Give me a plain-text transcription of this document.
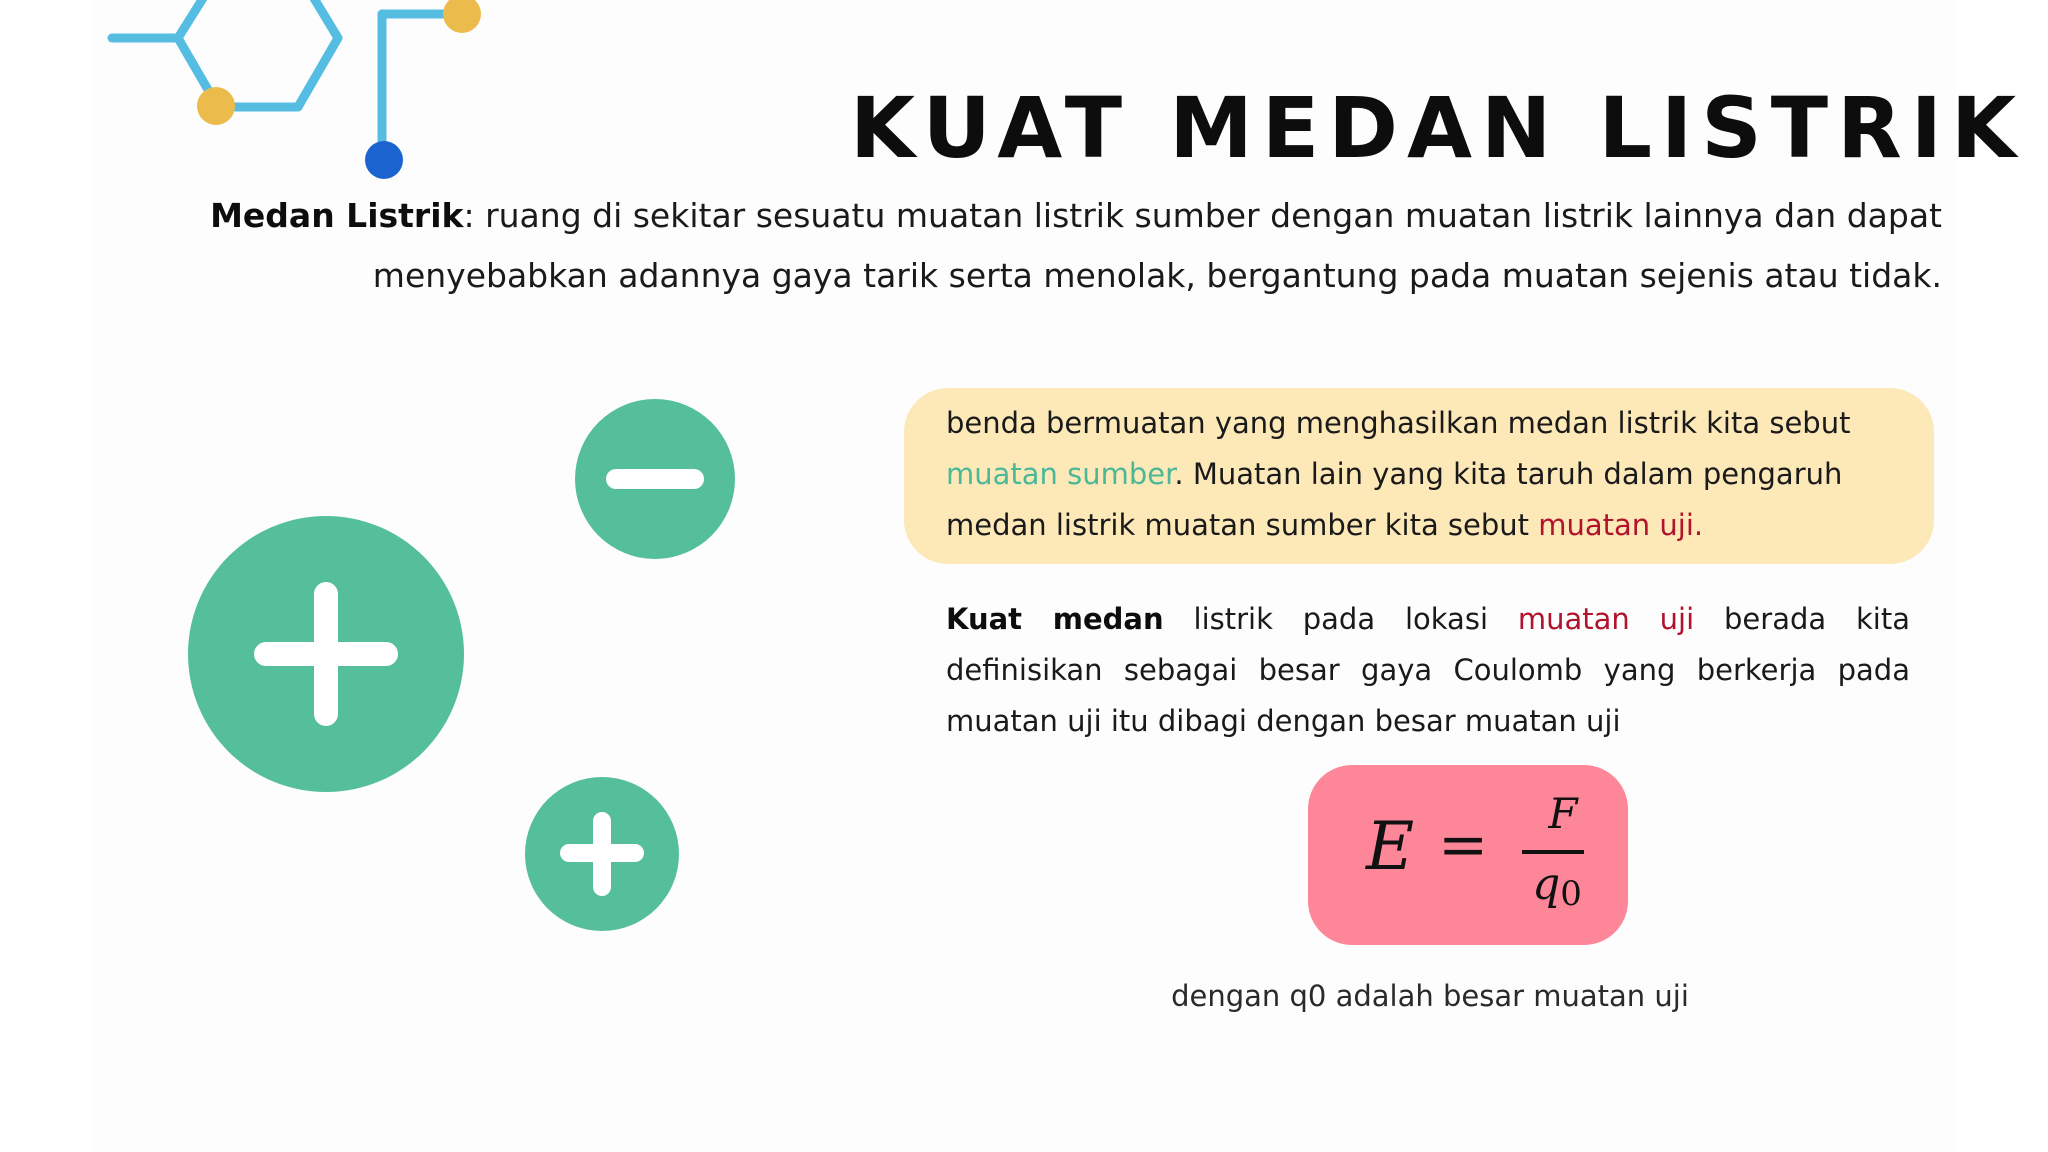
KUAT MEDAN LISTRIK
Medan Listrik: ruang di sekitar sesuatu muatan listrik sumber dengan muatan listrik lainnya dan dapat menyebabkan adannya gaya tarik serta menolak, bergantung pada muatan sejenis atau tidak.
benda bermuatan yang menghasilkan medan listrik kita sebut muatan sumber. Muatan lain yang kita taruh dalam pengaruh medan listrik muatan sumber kita sebut muatan uji.
Kuat medan listrik pada lokasi muatan uji berada kita definisikan sebagai besar gaya Coulomb yang berkerja pada muatan uji itu dibagi dengan besar muatan uji
E = F
$q_0$
dengan q0 adalah besar muatan uji
